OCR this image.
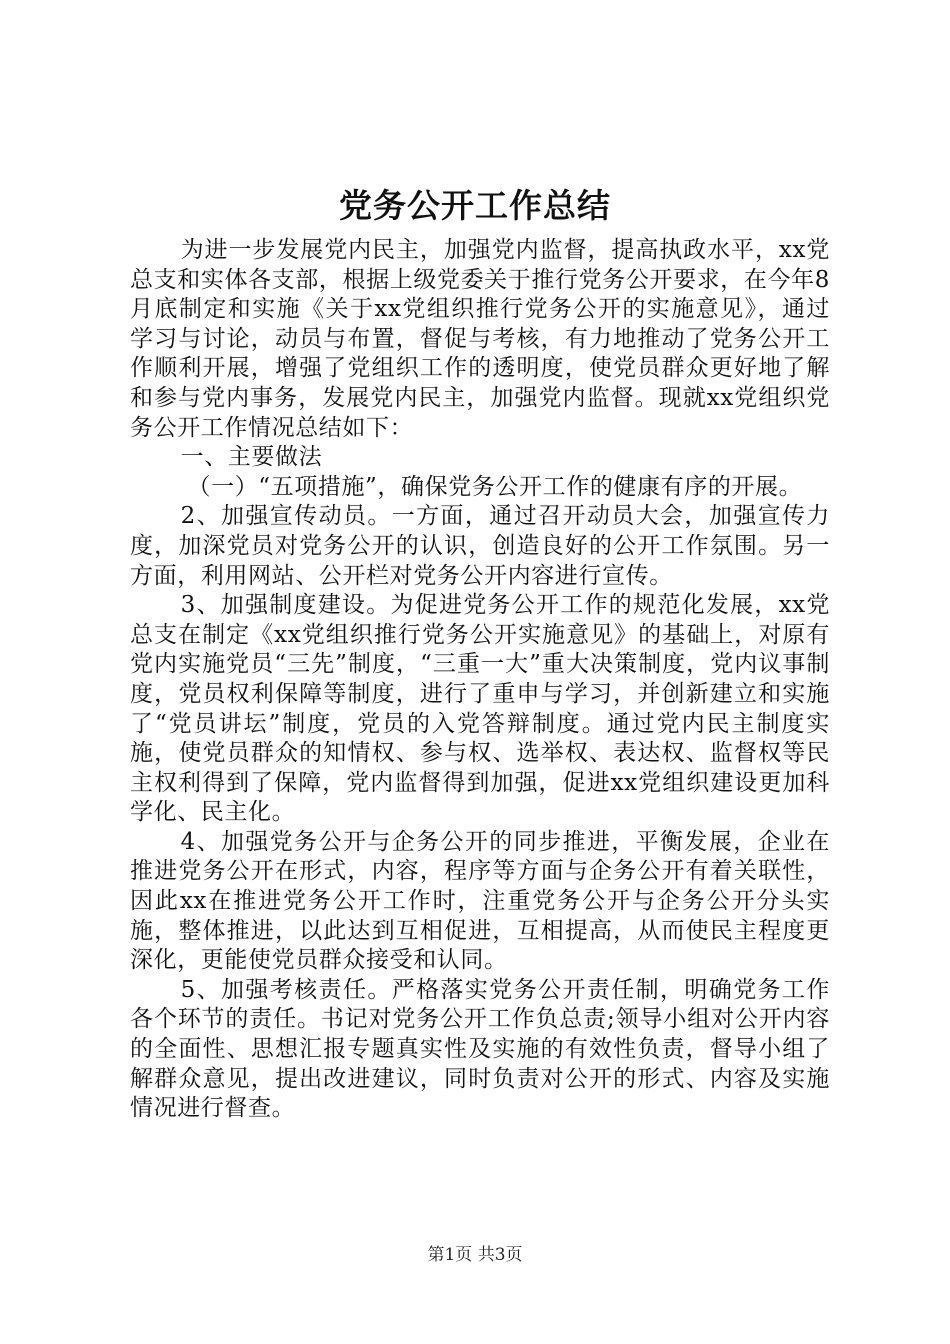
党务公开工作总结

为进一步发展党内民主，加强党内监督，提高执政水平，xx党总支和实体各支部，根据上级党委关于推行党务公开要求，在今年8月底制定和实施《关于xx党组织推行党务公开的实施意见》，通过学习与讨论，动员与布置，督促与考核，有力地推动了党务公开工作顺利开展，增强了党组织工作的透明度，使党员群众更好地了解和参与党内事务，发展党内民主，加强党内监督。现就xx党组织党务公开工作情况总结如下：

一、主要做法

（一）“五项措施”，确保党务公开工作的健康有序的开展。

2、加强宣传动员。一方面，通过召开动员大会，加强宣传力度，加深党员对党务公开的认识，创造良好的公开工作氛围。另一方面，利用网站、公开栏对党务公开内容进行宣传。

3、加强制度建设。为促进党务公开工作的规范化发展，xx党总支在制定《xx党组织推行党务公开实施意见》的基础上，对原有党内实施党员“三先”制度，“三重一大”重大决策制度，党内议事制度，党员权利保障等制度，进行了重申与学习，并创新建立和实施了“党员讲坛”制度，党员的入党答辩制度。通过党内民主制度实施，使党员群众的知情权、参与权、选举权、表达权、监督权等民主权利得到了保障，党内监督得到加强，促进xx党组织建设更加科学化、民主化。

4、加强党务公开与企务公开的同步推进，平衡发展，企业在推进党务公开在形式，内容，程序等方面与企务公开有着关联性，因此xx在推进党务公开工作时，注重党务公开与企务公开分头实施，整体推进，以此达到互相促进，互相提高，从而使民主程度更深化，更能使党员群众接受和认同。

5、加强考核责任。严格落实党务公开责任制，明确党务工作各个环节的责任。书记对党务公开工作负总责;领导小组对公开内容的全面性、思想汇报专题真实性及实施的有效性负责，督导小组了解群众意见，提出改进建议，同时负责对公开的形式、内容及实施情况进行督查。

第1页 共3页
